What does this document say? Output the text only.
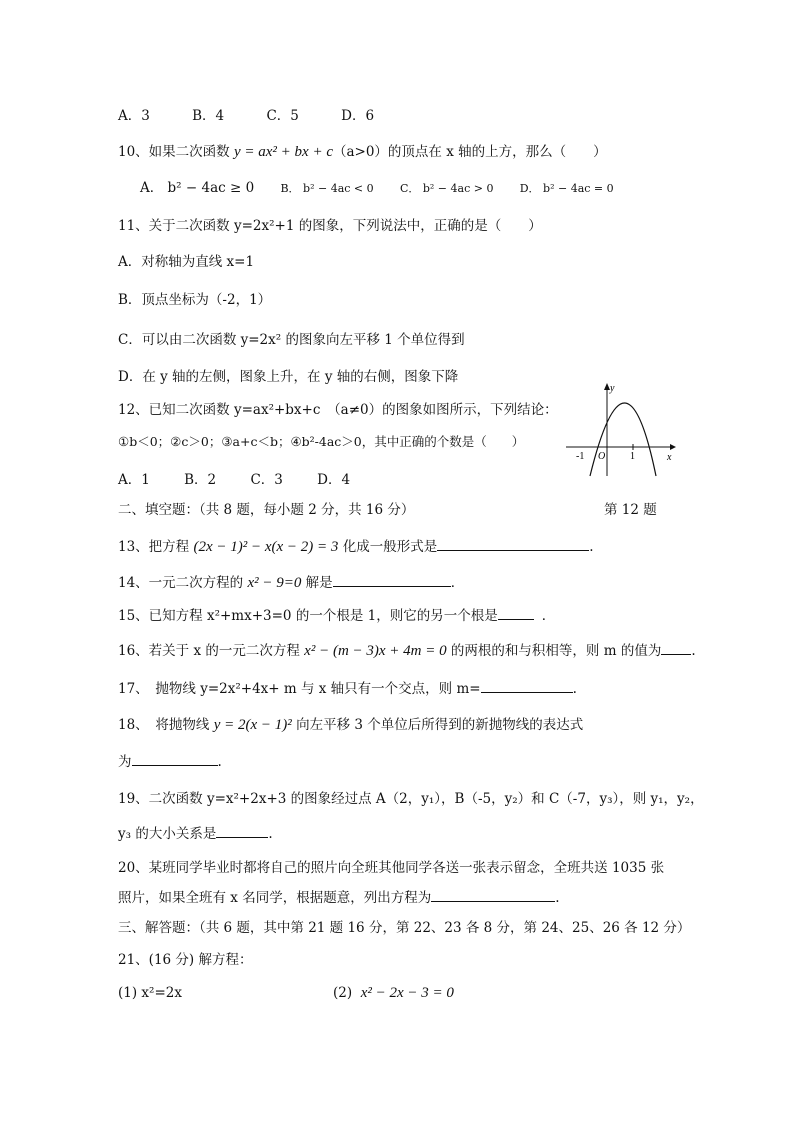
A．3	B．4	C．5	D．6
10、如果二次函数 y = ax² + bx + c（a>0）的顶点在 x 轴的上方，那么（　　）
A． b² − 4ac ≥ 0 B． b² − 4ac < 0 C． b² − 4ac > 0 D． b² − 4ac = 0
11、关于二次函数 y=2x²+1 的图象，下列说法中，正确的是（　　）
A．对称轴为直线 x=1
B．顶点坐标为（-2，1）
C．可以由二次函数 y=2x² 的图象向左平移 1 个单位得到
D．在 y 轴的左侧，图象上升，在 y 轴的右侧，图象下降
12、已知二次函数 y=ax²+bx+c　（a≠0）的图象如图所示，下列结论：
①b＜0；②c＞0；③a+c＜b；④b²-4ac＞0，其中正确的个数是（　　）
A．1	B．2	C．3	D．4
y
x
O
-1	1
第 12 题
二、填空题：（共 8 题，每小题 2 分，共 16 分）
13、把方程 (2x − 1)² − x(x − 2) = 3 化成一般形式是	.
14、一元二次方程的 x² − 9=0 解是	．
15、已知方程 x²+mx+3=0 的一个根是 1，则它的另一个根是	．
16、若关于 x 的一元二次方程 x² − (m − 3)x + 4m = 0 的两根的和与积相等，则 m 的值为 .
17、　抛物线 y=2x²+4x+ m 与 x 轴只有一个交点，则 m=	.
18、　将抛物线 y = 2(x − 1)² 向左平移 3 个单位后所得到的新抛物线的表达式
为	.
19、二次函数 y=x²+2x+3 的图象经过点 A（2，y₁），B（-5，y₂）和 C（-7，y₃），则 y₁，y₂，
y₃ 的大小关系是	.
20、某班同学毕业时都将自己的照片向全班其他同学各送一张表示留念，全班共送 1035 张
照片，如果全班有 x 名同学，根据题意，列出方程为	.
三、解答题：（共 6 题，其中第 21 题 16 分，第 22、23 各 8 分，第 24、25、26 各 12 分）
21、(16 分) 解方程：
(1) x²=2x	(2) x² − 2x − 3 = 0
